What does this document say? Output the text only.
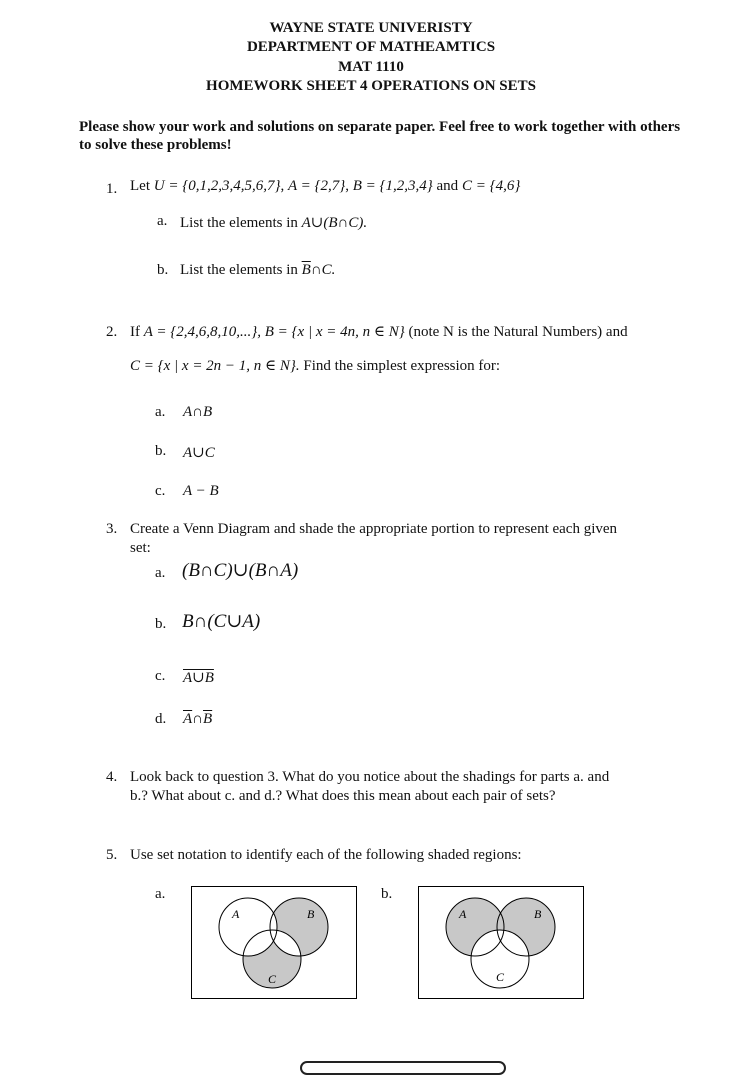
WAYNE STATE UNIVERISTY
DEPARTMENT OF MATHEAMTICS
MAT 1110
HOMEWORK SHEET 4 OPERATIONS ON SETS
Please show your work and solutions on separate paper. Feel free to work together with others to solve these problems!
1. Let U = {0,1,2,3,4,5,6,7}, A = {2,7}, B = {1,2,3,4} and C = {4,6}
a. List the elements in A∪(B∩C).
b. List the elements in $\overline{B}\cap C$.
2. If A = {2,4,6,8,10,...}, B = {x | x = 4n, n ∈ N} (note N is the Natural Numbers) and
C = {x | x = 2n − 1, n ∈ N}. Find the simplest expression for:
a. A∩B
b. A∪C
c. A − B
3. Create a Venn Diagram and shade the appropriate portion to represent each given
set:
a. (B∩C)∪(B∩A)
b. B∩(C∪A)
c. A∪B
d. $\overline{A}\cap\overline{B}$
4. Look back to question 3. What do you notice about the shadings for parts a. and
b.? What about c. and d.? What does this mean about each pair of sets?
5. Use set notation to identify each of the following shaded regions:
a.	b.
A	B
C
A	B
C
